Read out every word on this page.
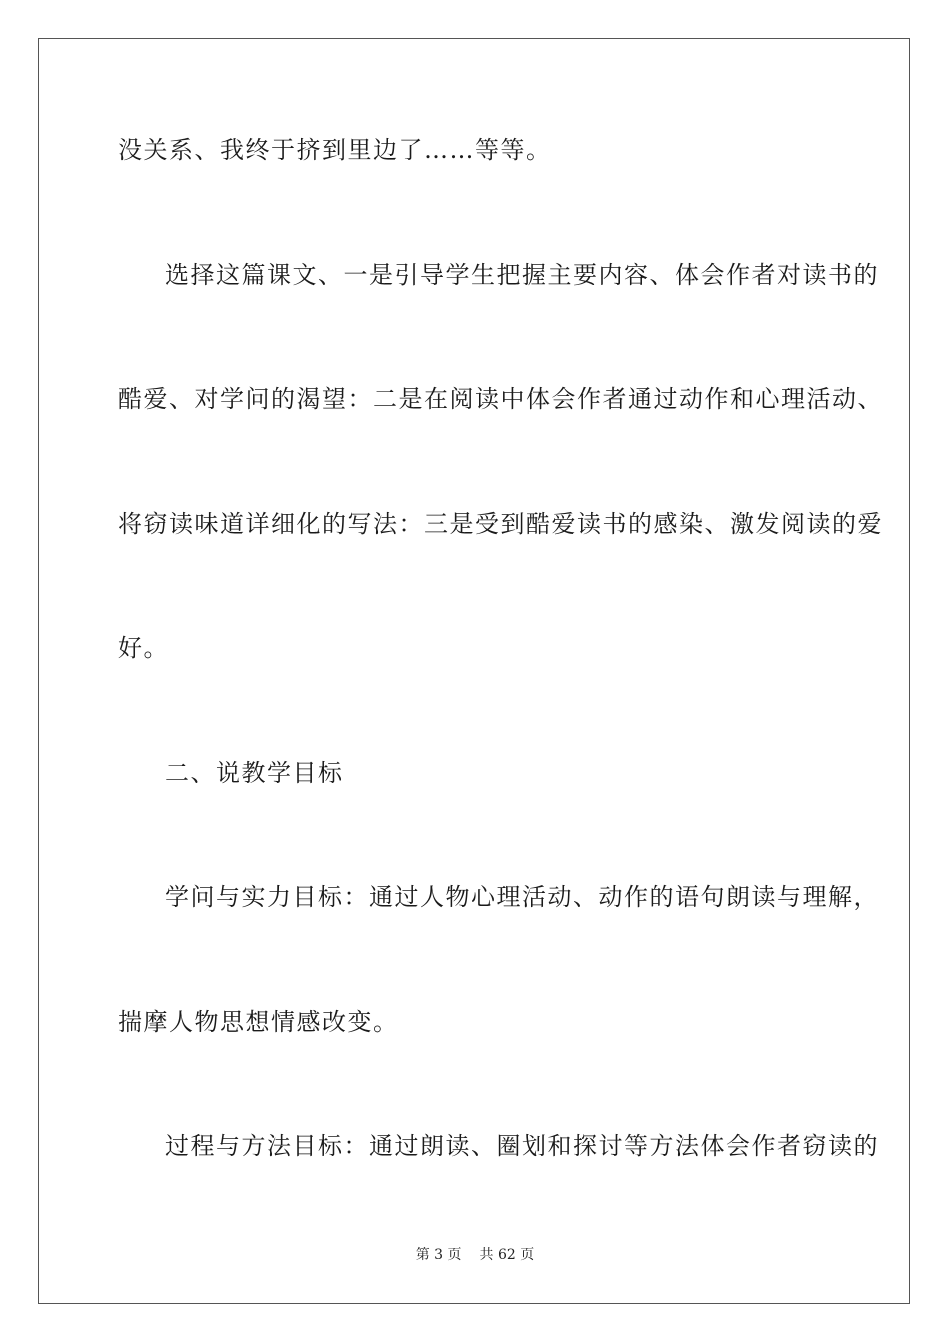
没关系、我终于挤到里边了……等等。
选择这篇课文、一是引导学生把握主要内容、体会作者对读书的
酷爱、对学问的渴望：二是在阅读中体会作者通过动作和心理活动、
将窃读味道详细化的写法：三是受到酷爱读书的感染、激发阅读的爱
好。
二、说教学目标
学问与实力目标：通过人物心理活动、动作的语句朗读与理解，
揣摩人物思想情感改变。
过程与方法目标：通过朗读、圈划和探讨等方法体会作者窃读的
第 3 页 共 62 页
